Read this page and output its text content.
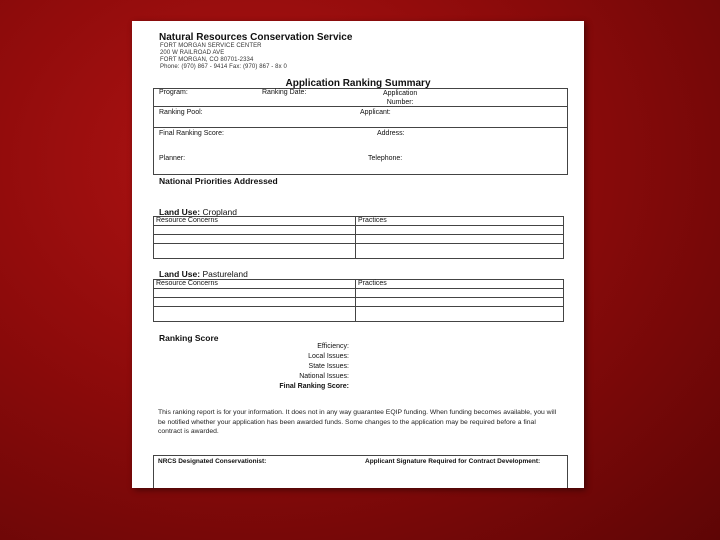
Natural Resources Conservation Service
FORT MORGAN SERVICE CENTER
200 W RAILROAD AVE
FORT MORGAN, CO 80701-2334
Phone: (970) 867 - 9414 Fax: (970) 867 - 8x 0
Application Ranking Summary
Program:	Ranking Date:	Application
Number:
Ranking Pool:	Applicant:
Final Ranking Score:	Address:
Planner:	Telephone:
National Priorities Addressed
Land Use: Cropland
Resource Concerns	Practices

Land Use: Pastureland
Resource Concerns	Practices

Ranking Score
Efficiency:
Local Issues:
State Issues:
National Issues:
Final Ranking Score:
This ranking report is for your information. It does not in any way guarantee EQIP funding. When funding becomes available, you will be notified whether your application has been awarded funds. Some changes to the application may be required before a final contract is awarded.
NRCS Designated Conservationist:	Applicant Signature Required for Contract Development:
